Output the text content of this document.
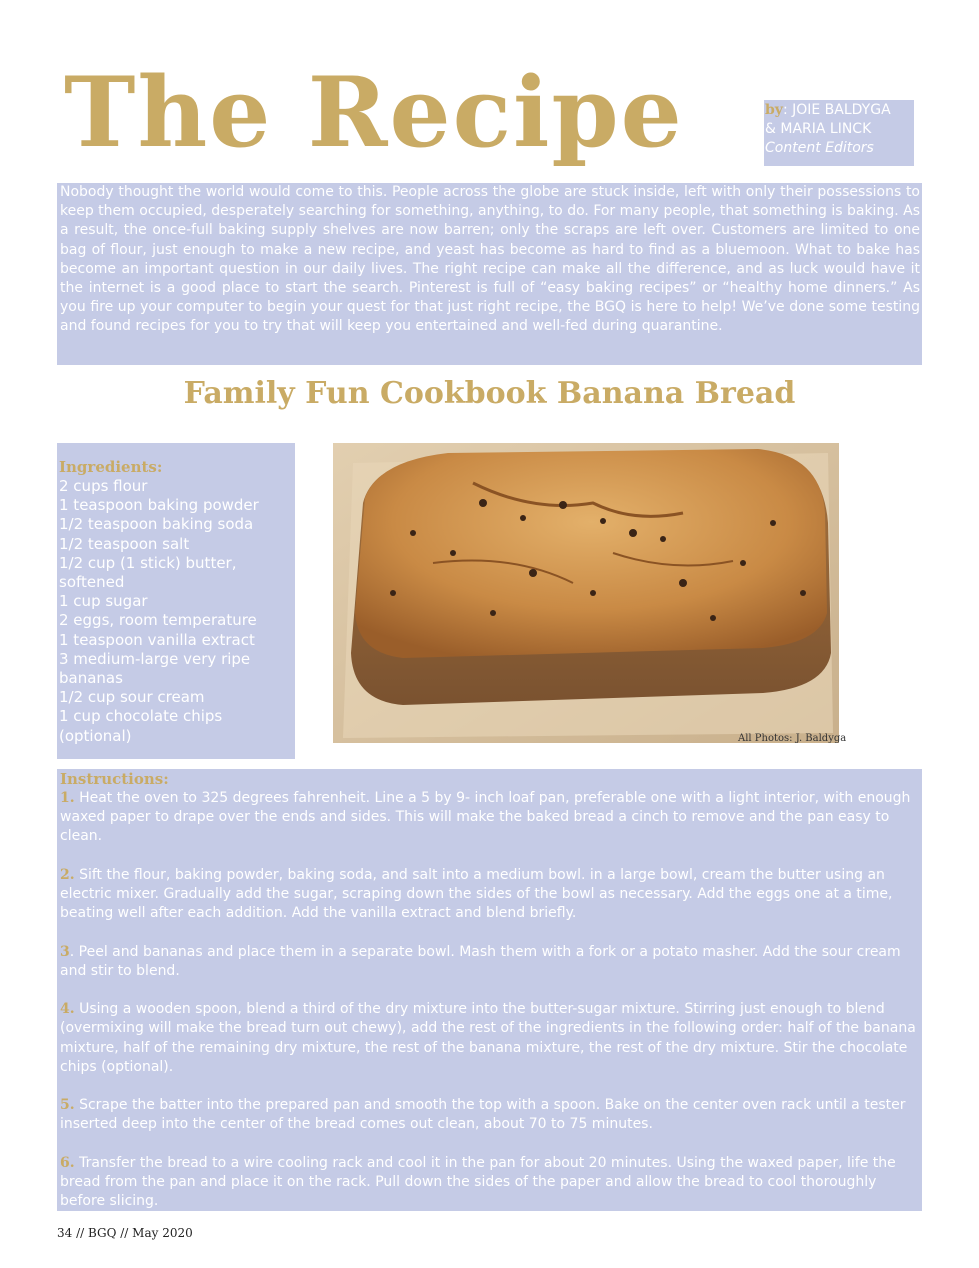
The Recipe	by: JOIE BALDYGA
& MARIA LINCK
Content Editors
Nobody thought the world would come to this. People across the globe are stuck inside, left with only their possessions to keep them occupied, desperately searching for something, anything, to do. For many people, that something is baking. As a result, the once-full baking supply shelves are now barren; only the scraps are left over. Customers are limited to one bag of flour, just enough to make a new recipe, and yeast has become as hard to find as a bluemoon. What to bake has become an important question in our daily lives. The right recipe can make all the difference, and as luck would have it the internet is a good place to start the search. Pinterest is full of “easy baking recipes” or “healthy home dinners.” As you fire up your computer to begin your quest for that just right recipe, the BGQ is here to help! We’ve done some testing and found recipes for you to try that will keep you entertained and well-fed during quarantine.
Family Fun Cookbook Banana Bread
Ingredients:
2 cups flour
1 teaspoon baking powder
1/2 teaspoon baking soda
1/2 teaspoon salt
1/2 cup (1 stick) butter, softened
1 cup sugar
2 eggs, room temperature
1 teaspoon vanilla extract
3 medium-large very ripe bananas
1/2 cup sour cream
1 cup chocolate chips (optional)	All Photos: J. Baldyga
Instructions:

1. Heat the oven to 325 degrees fahrenheit. Line a 5 by 9- inch loaf pan, preferable one with a light interior, with enough waxed paper to drape over the ends and sides. This will make the baked bread a cinch to remove and the pan easy to clean.

2. Sift the flour, baking powder, baking soda, and salt into a medium bowl. in a large bowl, cream the butter using an electric mixer. Gradually add the sugar, scraping down the sides of the bowl as necessary. Add the eggs one at a time, beating well after each addition. Add the vanilla extract and blend briefly.

3. Peel and bananas and place them in a separate bowl. Mash them with a fork or a potato masher. Add the sour cream and stir to blend.

4. Using a wooden spoon, blend a third of the dry mixture into the butter-sugar mixture. Stirring just enough to blend (overmixing will make the bread turn out chewy), add the rest of the ingredients in the following order: half of the banana mixture, half of the remaining dry mixture, the rest of the banana mixture, the rest of the dry mixture. Stir the chocolate chips (optional).

5. Scrape the batter into the prepared pan and smooth the top with a spoon. Bake on the center oven rack until a tester inserted deep into the center of the bread comes out clean, about 70 to 75 minutes.

6. Transfer the bread to a wire cooling rack and cool it in the pan for about 20 minutes. Using the waxed paper, life the bread from the pan and place it on the rack. Pull down the sides of the paper and allow the bread to cool thoroughly before slicing.

34 // BGQ // May 2020
